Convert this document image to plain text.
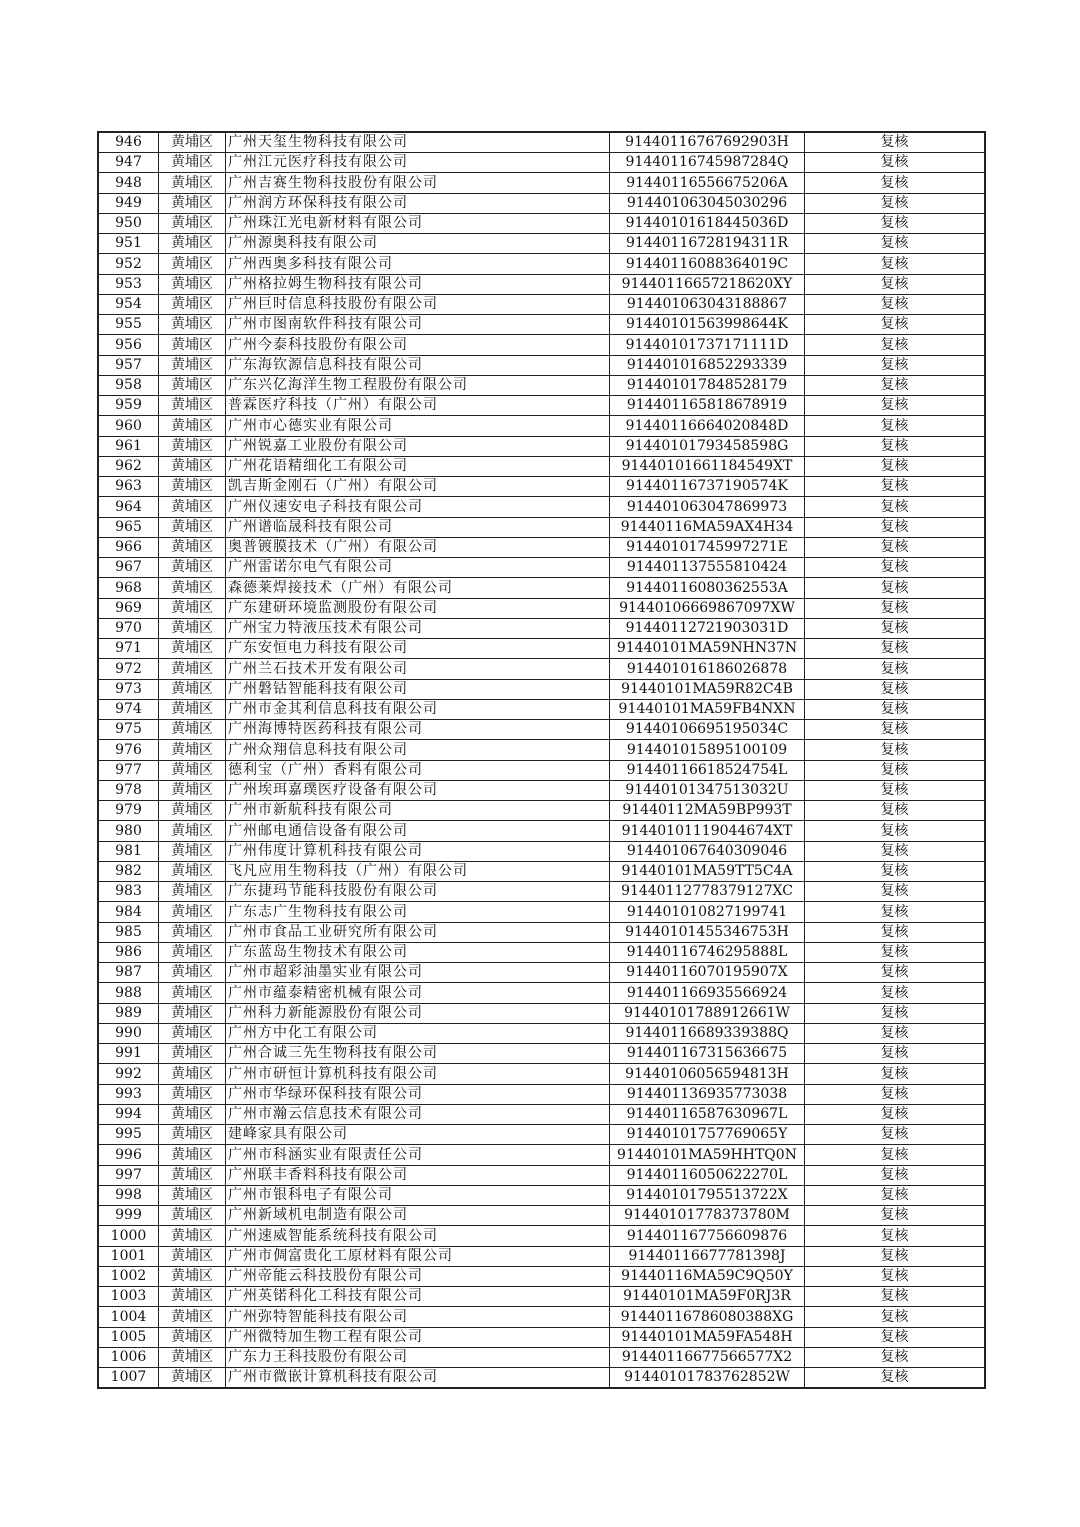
946	黄埔区	广州天玺生物科技有限公司	91440116767692903H	复核
947	黄埔区	广州江元医疗科技有限公司	91440116745987284Q	复核
948	黄埔区	广州吉赛生物科技股份有限公司	91440116556675206A	复核
949	黄埔区	广州润方环保科技有限公司	914401063045030296	复核
950	黄埔区	广州珠江光电新材料有限公司	91440101618445036D	复核
951	黄埔区	广州源奥科技有限公司	91440116728194311R	复核
952	黄埔区	广州西奥多科技有限公司	91440116088364019C	复核
953	黄埔区	广州格拉姆生物科技有限公司	91440116657218620XY	复核
954	黄埔区	广州巨时信息科技股份有限公司	914401063043188867	复核
955	黄埔区	广州市图南软件科技有限公司	91440101563998644K	复核
956	黄埔区	广州今泰科技股份有限公司	91440101737171111D	复核
957	黄埔区	广东海钦源信息科技有限公司	914401016852293339	复核
958	黄埔区	广东兴亿海洋生物工程股份有限公司	914401017848528179	复核
959	黄埔区	普霖医疗科技（广州）有限公司	914401165818678919	复核
960	黄埔区	广州市心德实业有限公司	91440116664020848D	复核
961	黄埔区	广州锐嘉工业股份有限公司	91440101793458598G	复核
962	黄埔区	广州花语精细化工有限公司	91440101661184549XT	复核
963	黄埔区	凯吉斯金刚石（广州）有限公司	91440116737190574K	复核
964	黄埔区	广州仪速安电子科技有限公司	914401063047869973	复核
965	黄埔区	广州谱临晟科技有限公司	91440116MA59AX4H34	复核
966	黄埔区	奥普镀膜技术（广州）有限公司	91440101745997271E	复核
967	黄埔区	广州雷诺尔电气有限公司	914401137555810424	复核
968	黄埔区	森德莱焊接技术（广州）有限公司	91440116080362553A	复核
969	黄埔区	广东建研环境监测股份有限公司	91440106669867097XW	复核
970	黄埔区	广州宝力特液压技术有限公司	91440112721903031D	复核
971	黄埔区	广东安恒电力科技有限公司	91440101MA59NHN37N	复核
972	黄埔区	广州兰石技术开发有限公司	914401016186026878	复核
973	黄埔区	广州磐钴智能科技有限公司	91440101MA59R82C4B	复核
974	黄埔区	广州市金其利信息科技有限公司	91440101MA59FB4NXN	复核
975	黄埔区	广州海博特医药科技有限公司	91440106695195034C	复核
976	黄埔区	广州众翔信息科技有限公司	914401015895100109	复核
977	黄埔区	德利宝（广州）香料有限公司	91440116618524754L	复核
978	黄埔区	广州埃珥嘉璞医疗设备有限公司	91440101347513032U	复核
979	黄埔区	广州市新航科技有限公司	91440112MA59BP993T	复核
980	黄埔区	广州邮电通信设备有限公司	91440101119044674XT	复核
981	黄埔区	广州伟度计算机科技有限公司	914401067640309046	复核
982	黄埔区	飞凡应用生物科技（广州）有限公司	91440101MA59TT5C4A	复核
983	黄埔区	广东捷玛节能科技股份有限公司	91440112778379127XC	复核
984	黄埔区	广东志广生物科技有限公司	914401010827199741	复核
985	黄埔区	广州市食品工业研究所有限公司	91440101455346753H	复核
986	黄埔区	广东蓝岛生物技术有限公司	91440116746295888L	复核
987	黄埔区	广州市超彩油墨实业有限公司	91440116070195907X	复核
988	黄埔区	广州市蕴泰精密机械有限公司	914401166935566924	复核
989	黄埔区	广州科力新能源股份有限公司	91440101788912661W	复核
990	黄埔区	广州方中化工有限公司	91440116689339388Q	复核
991	黄埔区	广州合诚三先生物科技有限公司	914401167315636675	复核
992	黄埔区	广州市研恒计算机科技有限公司	91440106056594813H	复核
993	黄埔区	广州市华绿环保科技有限公司	914401136935773038	复核
994	黄埔区	广州市瀚云信息技术有限公司	91440116587630967L	复核
995	黄埔区	建峰家具有限公司	91440101757769065Y	复核
996	黄埔区	广州市科涵实业有限责任公司	91440101MA59HHTQ0N	复核
997	黄埔区	广州联丰香料科技有限公司	91440116050622270L	复核
998	黄埔区	广州市银科电子有限公司	91440101795513722X	复核
999	黄埔区	广州新域机电制造有限公司	91440101778373780M	复核
1000	黄埔区	广州速威智能系统科技有限公司	914401167756609876	复核
1001	黄埔区	广州市倜富贵化工原材料有限公司	91440116677781398J	复核
1002	黄埔区	广州帝能云科技股份有限公司	91440116MA59C9Q50Y	复核
1003	黄埔区	广州英锘科化工科技有限公司	91440101MA59F0RJ3R	复核
1004	黄埔区	广州弥特智能科技有限公司	91440116786080388XG	复核
1005	黄埔区	广州微特加生物工程有限公司	91440101MA59FA548H	复核
1006	黄埔区	广东力王科技股份有限公司	91440116677566577X2	复核
1007	黄埔区	广州市微嵌计算机科技有限公司	91440101783762852W	复核
